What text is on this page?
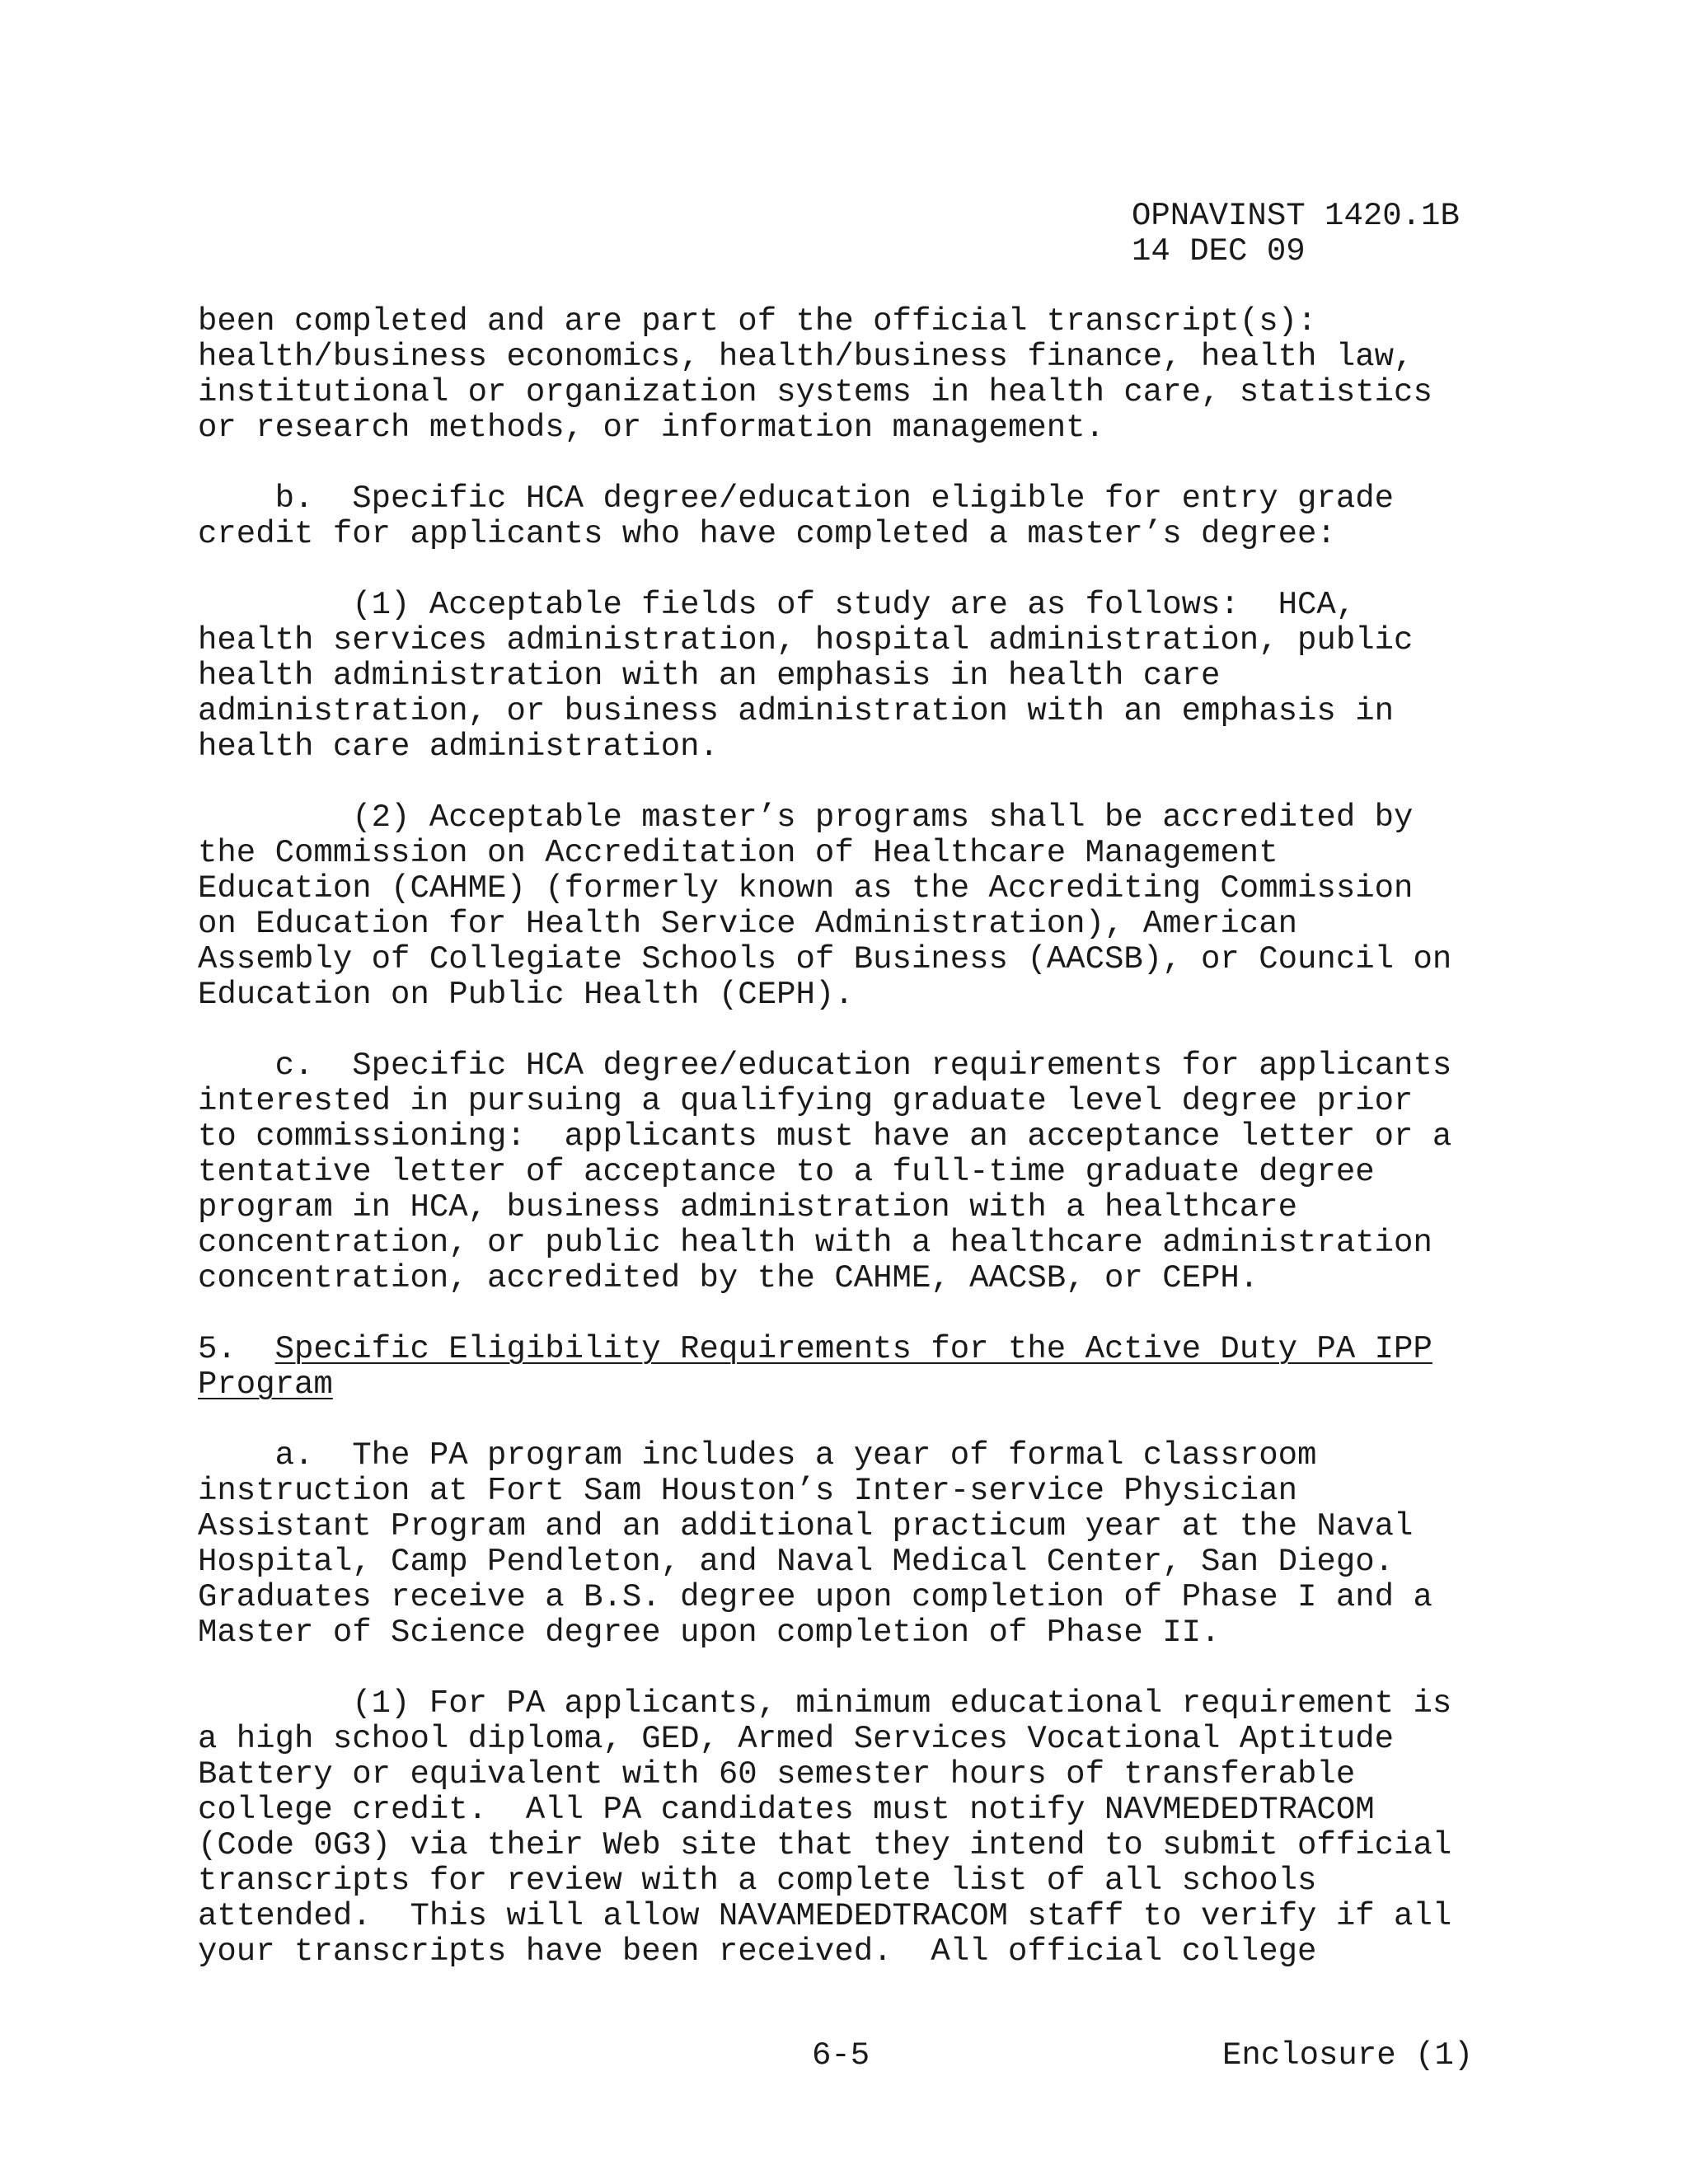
OPNAVINST 1420.1B
14 DEC 09
been completed and are part of the official transcript(s):
health/business economics, health/business finance, health law,
institutional or organization systems in health care, statistics
or research methods, or information management.
b.  Specific HCA degree/education eligible for entry grade
credit for applicants who have completed a master’s degree:
(1) Acceptable fields of study are as follows:  HCA,
health services administration, hospital administration, public
health administration with an emphasis in health care
administration, or business administration with an emphasis in
health care administration.
(2) Acceptable master’s programs shall be accredited by
the Commission on Accreditation of Healthcare Management
Education (CAHME) (formerly known as the Accrediting Commission
on Education for Health Service Administration), American
Assembly of Collegiate Schools of Business (AACSB), or Council on
Education on Public Health (CEPH).
c.  Specific HCA degree/education requirements for applicants
interested in pursuing a qualifying graduate level degree prior
to commissioning:  applicants must have an acceptance letter or a
tentative letter of acceptance to a full-time graduate degree
program in HCA, business administration with a healthcare
concentration, or public health with a healthcare administration
concentration, accredited by the CAHME, AACSB, or CEPH.
5.  Specific Eligibility Requirements for the Active Duty PA IPP
Program
a.  The PA program includes a year of formal classroom
instruction at Fort Sam Houston’s Inter-service Physician
Assistant Program and an additional practicum year at the Naval
Hospital, Camp Pendleton, and Naval Medical Center, San Diego.
Graduates receive a B.S. degree upon completion of Phase I and a
Master of Science degree upon completion of Phase II.
(1) For PA applicants, minimum educational requirement is
a high school diploma, GED, Armed Services Vocational Aptitude
Battery or equivalent with 60 semester hours of transferable
college credit.  All PA candidates must notify NAVMEDEDTRACOM
(Code 0G3) via their Web site that they intend to submit official
transcripts for review with a complete list of all schools
attended.  This will allow NAVAMEDEDTRACOM staff to verify if all
your transcripts have been received.  All official college
6-5	Enclosure (1)
